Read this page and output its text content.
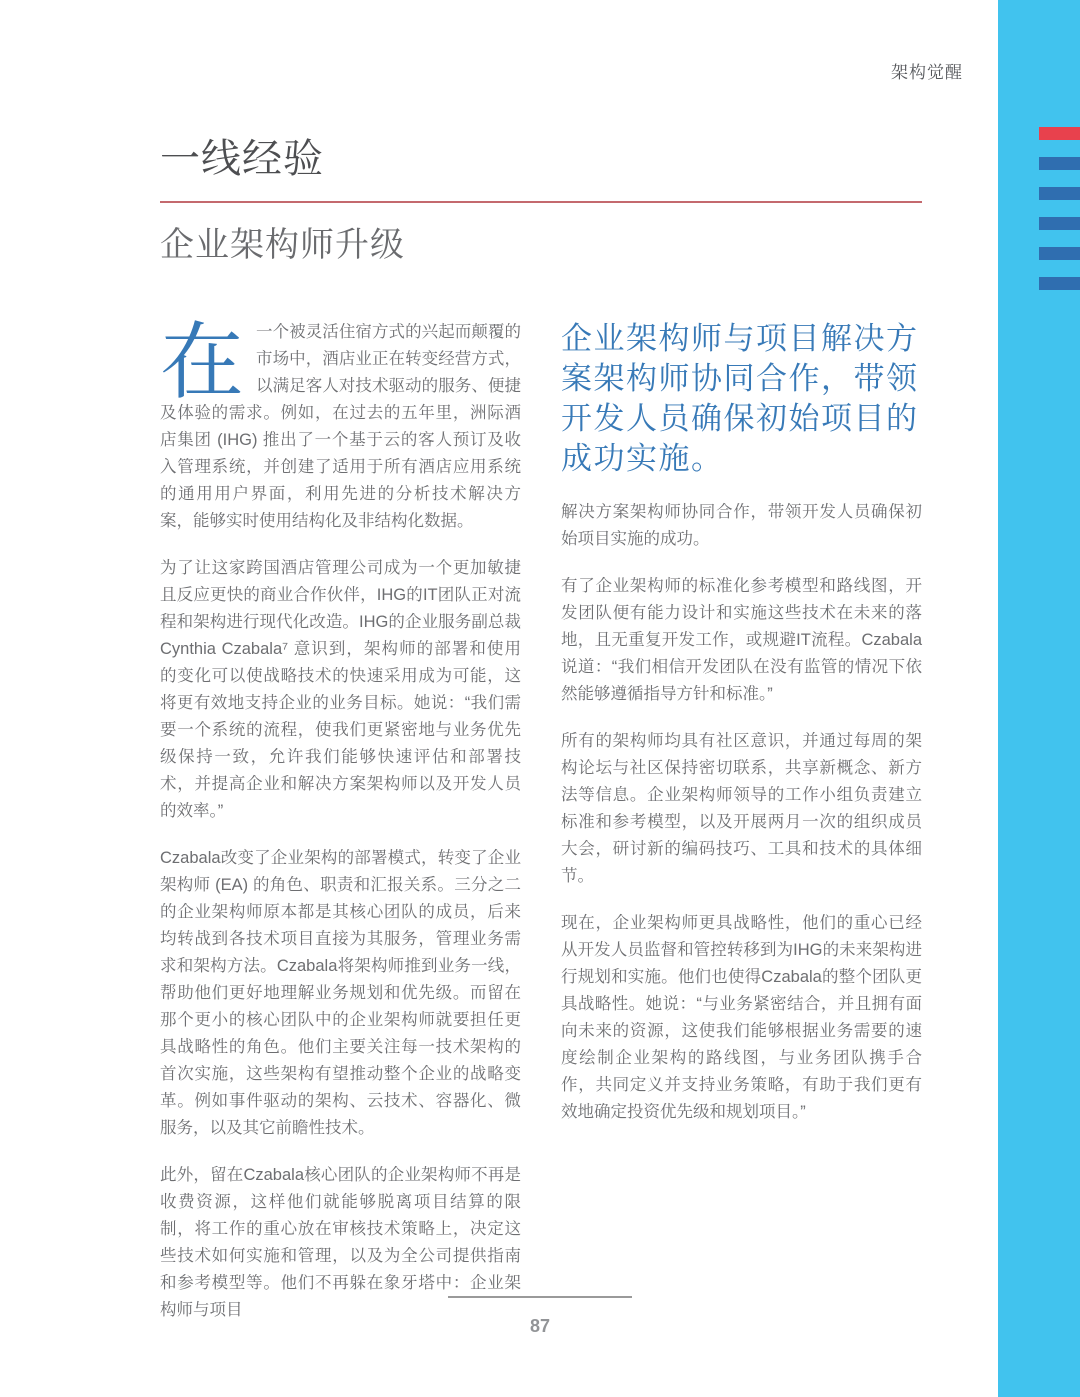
架构觉醒
一线经验
企业架构师升级

在一个被灵活住宿方式的兴起而颠覆的市场中，酒店业正在转变经营方式，以满足客人对技术驱动的服务、便捷及体验的需求。例如，在过去的五年里，洲际酒店集团 (IHG) 推出了一个基于云的客人预订及收入管理系统，并创建了适用于所有酒店应用系统的通用用户界面，利用先进的分析技术解决方案，能够实时使用结构化及非结构化数据。

为了让这家跨国酒店管理公司成为一个更加敏捷且反应更快的商业合作伙伴，IHG的IT团队正对流程和架构进行现代化改造。IHG的企业服务副总裁Cynthia Czabala⁷ 意识到，架构师的部署和使用的变化可以使战略技术的快速采用成为可能，这将更有效地支持企业的业务目标。她说：“我们需要一个系统的流程，使我们更紧密地与业务优先级保持一致，允许我们能够快速评估和部署技术，并提高企业和解决方案架构师以及开发人员的效率。”

Czabala改变了企业架构的部署模式，转变了企业架构师 (EA) 的角色、职责和汇报关系。三分之二的企业架构师原本都是其核心团队的成员，后来均转战到各技术项目直接为其服务，管理业务需求和架构方法。Czabala将架构师推到业务一线，帮助他们更好地理解业务规划和优先级。而留在那个更小的核心团队中的企业架构师就要担任更具战略性的角色。他们主要关注每一技术架构的首次实施，这些架构有望推动整个企业的战略变革。例如事件驱动的架构、云技术、容器化、微服务，以及其它前瞻性技术。

此外，留在Czabala核心团队的企业架构师不再是收费资源，这样他们就能够脱离项目结算的限制，将工作的重心放在审核技术策略上，决定这些技术如何实施和管理，以及为全公司提供指南和参考模型等。他们不再躲在象牙塔中：企业架构师与项目

企业架构师与项目解决方案架构师协同合作，带领开发人员确保初始项目的成功实施。

解决方案架构师协同合作，带领开发人员确保初始项目实施的成功。

有了企业架构师的标准化参考模型和路线图，开发团队便有能力设计和实施这些技术在未来的落地，且无重复开发工作，或规避IT流程。Czabala说道：“我们相信开发团队在没有监管的情况下依然能够遵循指导方针和标准。”

所有的架构师均具有社区意识，并通过每周的架构论坛与社区保持密切联系，共享新概念、新方法等信息。企业架构师领导的工作小组负责建立标准和参考模型，以及开展两月一次的组织成员大会，研讨新的编码技巧、工具和技术的具体细节。

现在，企业架构师更具战略性，他们的重心已经从开发人员监督和管控转移到为IHG的未来架构进行规划和实施。他们也使得Czabala的整个团队更具战略性。她说：“与业务紧密结合，并且拥有面向未来的资源，这使我们能够根据业务需要的速度绘制企业架构的路线图，与业务团队携手合作，共同定义并支持业务策略，有助于我们更有效地确定投资优先级和规划项目。”

87
